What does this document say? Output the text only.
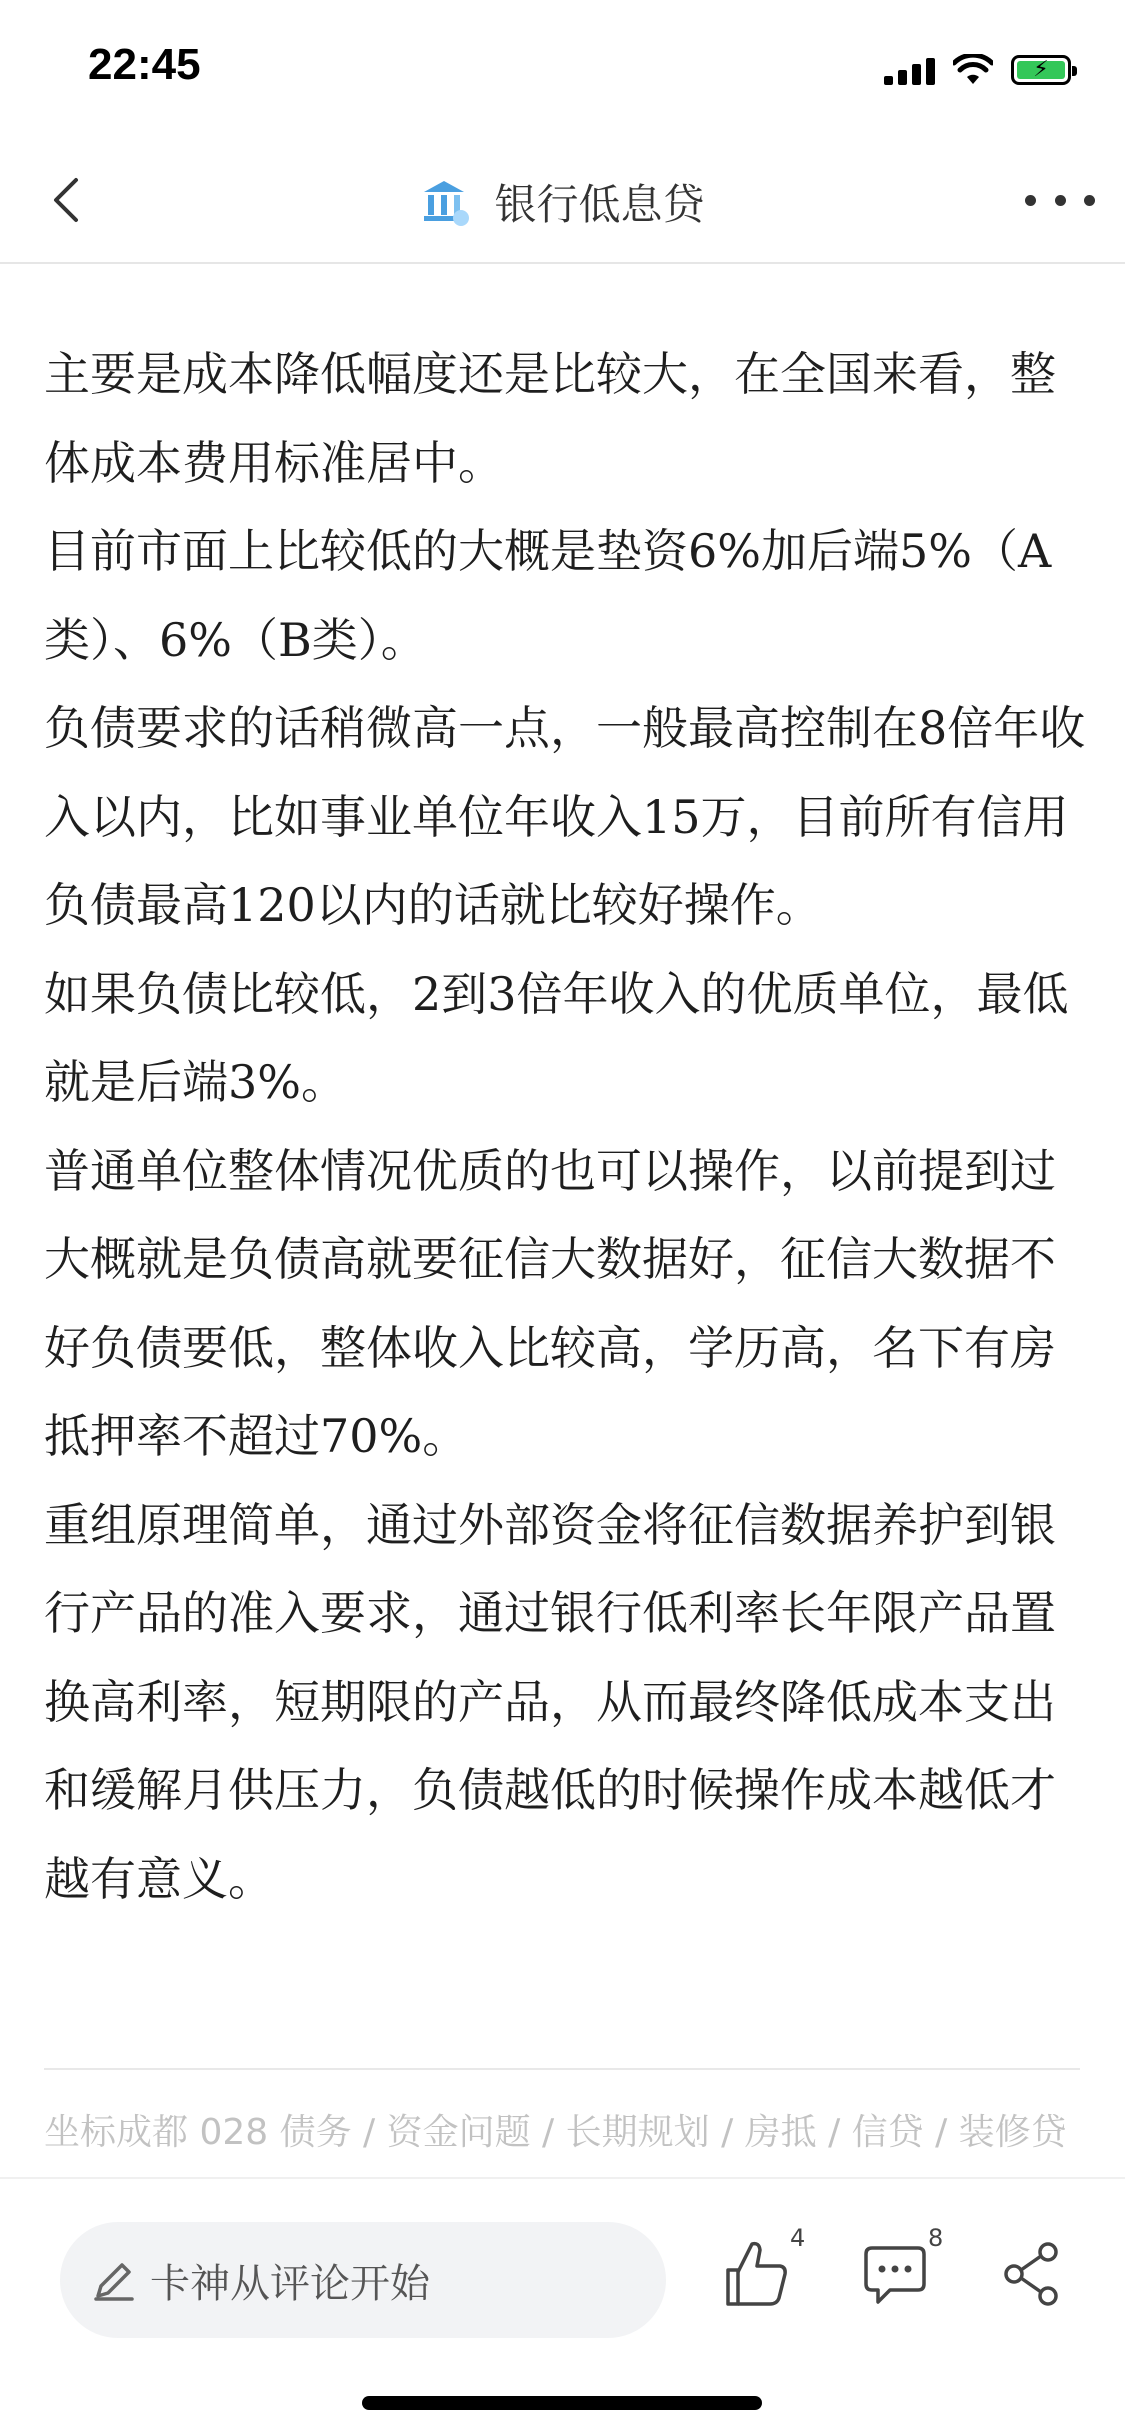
22:45	⚡
银行低息贷

主要是成本降低幅度还是比较大，在全国来看，整体成本费用标准居中。

目前市面上比较低的大概是垫资6%加后端5%（A类）、6%（B类）。

负债要求的话稍微高一点，一般最高控制在8倍年收入以内，比如事业单位年收入15万，目前所有信用负债最高120以内的话就比较好操作。

如果负债比较低，2到3倍年收入的优质单位，最低就是后端3%。

普通单位整体情况优质的也可以操作，以前提到过大概就是负债高就要征信大数据好，征信大数据不好负债要低，整体收入比较高，学历高，名下有房抵押率不超过70%。

重组原理简单，通过外部资金将征信数据养护到银行产品的准入要求，通过银行低利率长年限产品置换高利率，短期限的产品，从而最终降低成本支出和缓解月供压力，负债越低的时候操作成本越低才越有意义。

坐标成都 028 债务 / 资金问题 / 长期规划 / 房抵 / 信贷 / 装修贷
卡神从评论开始
4	8
